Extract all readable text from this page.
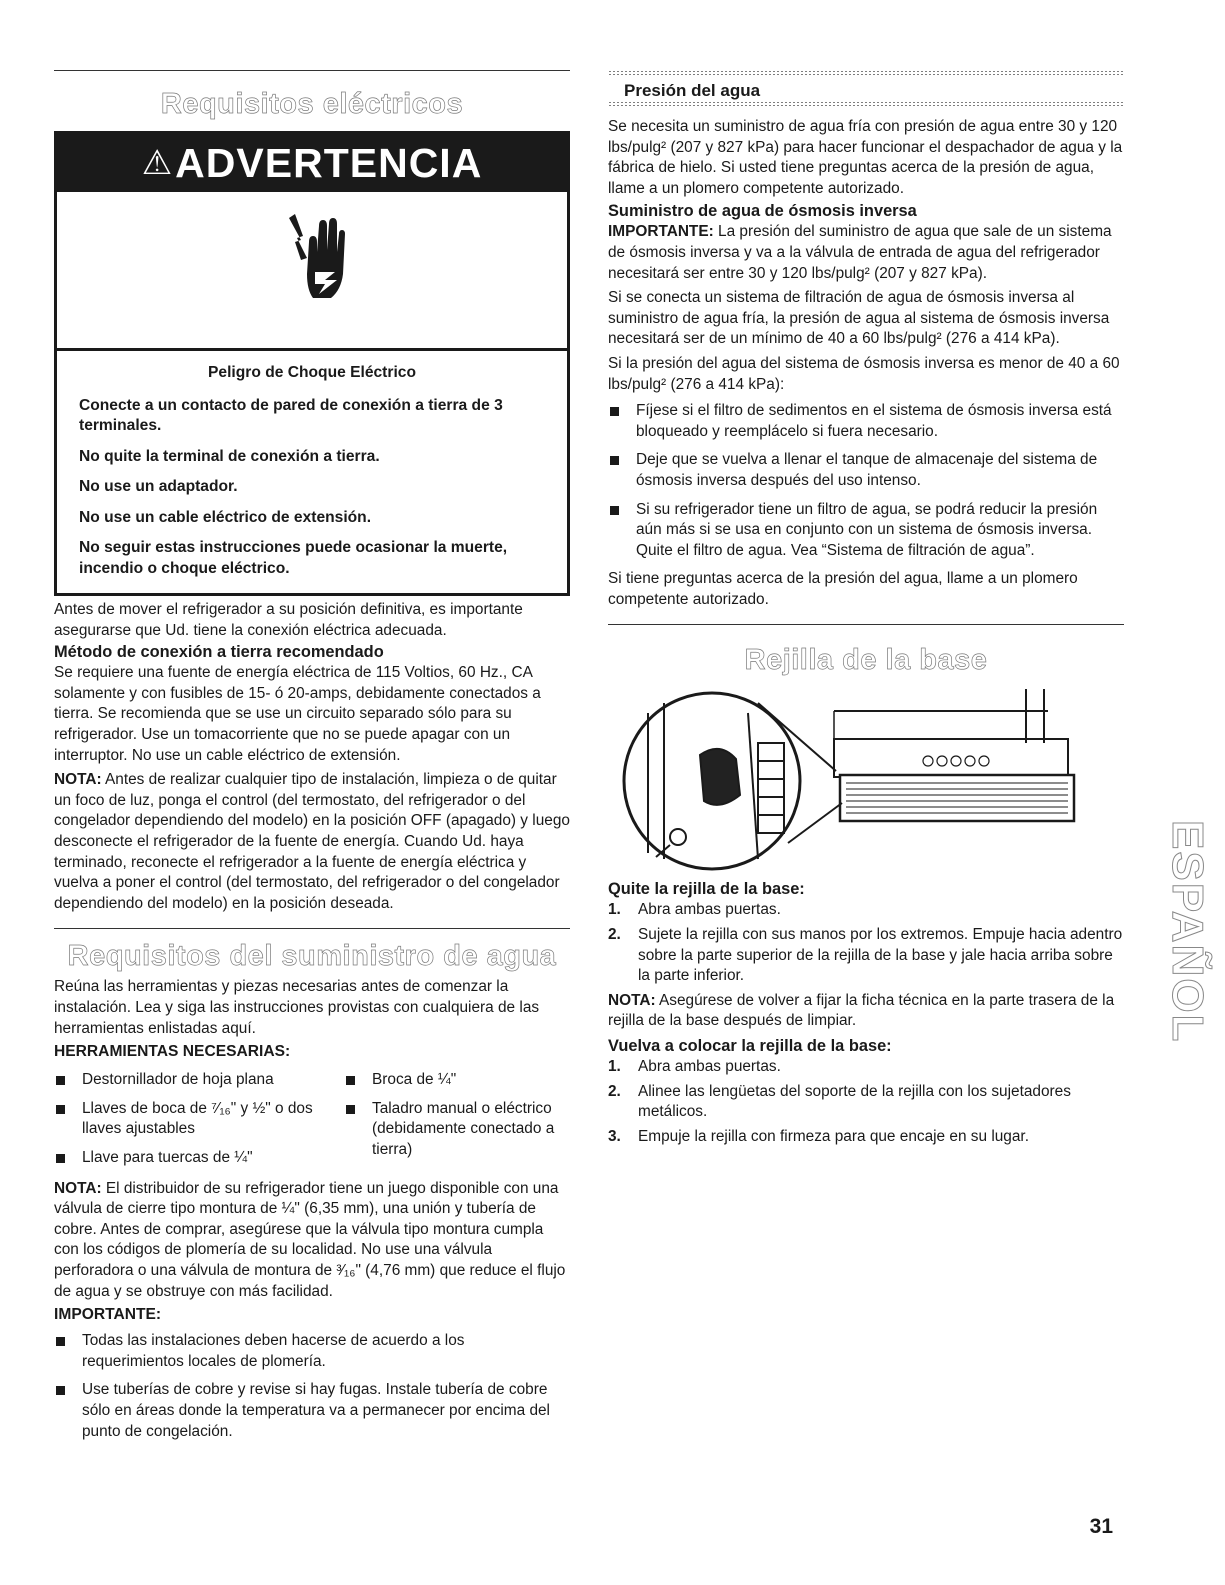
Requisitos eléctricos
⚠ADVERTENCIA

Peligro de Choque Eléctrico

Conecte a un contacto de pared de conexión a tierra de 3 terminales.

No quite la terminal de conexión a tierra.

No use un adaptador.

No use un cable eléctrico de extensión.

No seguir estas instrucciones puede ocasionar la muerte, incendio o choque eléctrico.

Antes de mover el refrigerador a su posición definitiva, es importante asegurarse que Ud. tiene la conexión eléctrica adecuada.

Método de conexión a tierra recomendado

Se requiere una fuente de energía eléctrica de 115 Voltios, 60 Hz., CA solamente y con fusibles de 15- ó 20-amps, debidamente conectados a tierra. Se recomienda que se use un circuito separado sólo para su refrigerador. Use un tomacorriente que no se puede apagar con un interruptor. No use un cable eléctrico de extensión.

NOTA: Antes de realizar cualquier tipo de instalación, limpieza o de quitar un foco de luz, ponga el control (del termostato, del refrigerador o del congelador dependiendo del modelo) en la posición OFF (apagado) y luego desconecte el refrigerador de la fuente de energía. Cuando Ud. haya terminado, reconecte el refrigerador a la fuente de energía eléctrica y vuelva a poner el control (del termostato, del refrigerador o del congelador dependiendo del modelo) en la posición deseada.

Requisitos del suministro de agua

Reúna las herramientas y piezas necesarias antes de comenzar la instalación. Lea y siga las instrucciones provistas con cualquiera de las herramientas enlistadas aquí.

HERRAMIENTAS NECESARIAS:
Destornillador de hoja plana
Llaves de boca de ⁷⁄₁₆" y ½" o dos llaves ajustables
Llave para tuercas de ¼"
Broca de ¼"
Taladro manual o eléctrico (debidamente conectado a tierra)

NOTA: El distribuidor de su refrigerador tiene un juego disponible con una válvula de cierre tipo montura de ¼" (6,35 mm), una unión y tubería de cobre. Antes de comprar, asegúrese que la válvula tipo montura cumpla con los códigos de plomería de su localidad. No use una válvula perforadora o una válvula de montura de ³⁄₁₆" (4,76 mm) que reduce el flujo de agua y se obstruye con más facilidad.

IMPORTANTE:
Todas las instalaciones deben hacerse de acuerdo a los requerimientos locales de plomería.
Use tuberías de cobre y revise si hay fugas. Instale tubería de cobre sólo en áreas donde la temperatura va a permanecer por encima del punto de congelación.
Presión del agua

Se necesita un suministro de agua fría con presión de agua entre 30 y 120 lbs/pulg² (207 y 827 kPa) para hacer funcionar el despachador de agua y la fábrica de hielo. Si usted tiene preguntas acerca de la presión de agua, llame a un plomero competente autorizado.

Suministro de agua de ósmosis inversa

IMPORTANTE: La presión del suministro de agua que sale de un sistema de ósmosis inversa y va a la válvula de entrada de agua del refrigerador necesitará ser entre 30 y 120 lbs/pulg² (207 y 827 kPa).

Si se conecta un sistema de filtración de agua de ósmosis inversa al suministro de agua fría, la presión de agua al sistema de ósmosis inversa necesitará ser de un mínimo de 40 a 60 lbs/pulg² (276 a 414 kPa).

Si la presión del agua del sistema de ósmosis inversa es menor de 40 a 60 lbs/pulg² (276 a 414 kPa):

Fíjese si el filtro de sedimentos en el sistema de ósmosis inversa está bloqueado y reemplácelo si fuera necesario.
Deje que se vuelva a llenar el tanque de almacenaje del sistema de ósmosis inversa después del uso intenso.
Si su refrigerador tiene un filtro de agua, se podrá reducir la presión aún más si se usa en conjunto con un sistema de ósmosis inversa. Quite el filtro de agua. Vea “Sistema de filtración de agua”.

Si tiene preguntas acerca de la presión del agua, llame a un plomero competente autorizado.

Rejilla de la base
Quite la rejilla de la base:
1.	Abra ambas puertas.
2.	Sujete la rejilla con sus manos por los extremos. Empuje hacia adentro sobre la parte superior de la rejilla de la base y jale hacia arriba sobre la parte inferior.

NOTA: Asegúrese de volver a fijar la ficha técnica en la parte trasera de la rejilla de la base después de limpiar.

Vuelva a colocar la rejilla de la base:
1.	Abra ambas puertas.
2.	Alinee las lengüetas del soporte de la rejilla con los sujetadores metálicos.
3.	Empuje la rejilla con firmeza para que encaje en su lugar.
ESPAÑOL
31
